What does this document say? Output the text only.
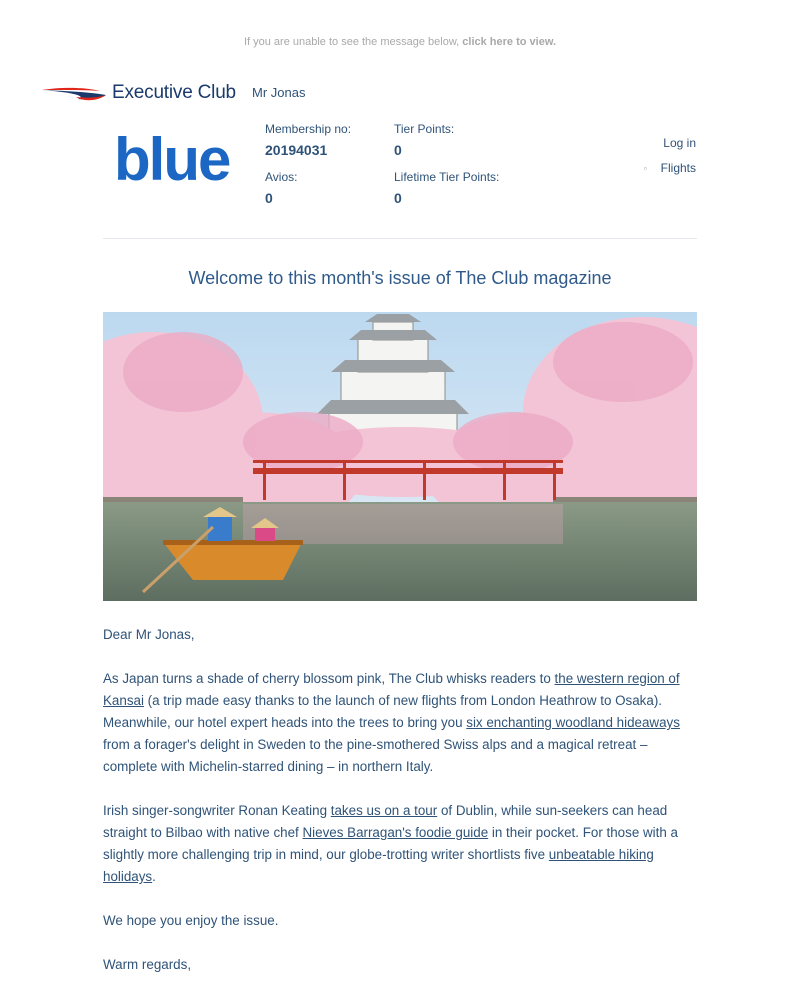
If you are unable to see the message below, click here to view.
Executive Club Mr Jonas
blue	Membership no:
20194031
Avios:
0
Tier Points:
0
Lifetime Tier Points:
0
Log in
▫ Flights
Welcome to this month's issue of The Club magazine

Dear Mr Jonas,

As Japan turns a shade of cherry blossom pink, The Club whisks readers to the western region of Kansai (a trip made easy thanks to the launch of new flights from London Heathrow to Osaka). Meanwhile, our hotel expert heads into the trees to bring you six enchanting woodland hideaways from a forager's delight in Sweden to the pine-smothered Swiss alps and a magical retreat – complete with Michelin-starred dining – in northern Italy.

Irish singer-songwriter Ronan Keating takes us on a tour of Dublin, while sun-seekers can head straight to Bilbao with native chef Nieves Barragan's foodie guide in their pocket. For those with a slightly more challenging trip in mind, our globe-trotting writer shortlists five unbeatable hiking holidays.

We hope you enjoy the issue.

Warm regards,
